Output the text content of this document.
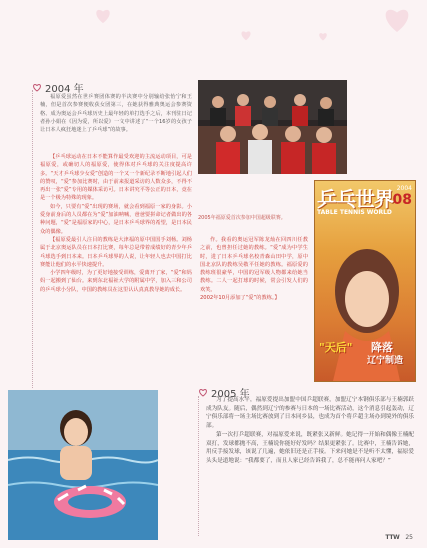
2004 年

福原爱虽然在世乒赛团体赛的半决赛中分别输给张怡宁和王楠，但是首次参赛便收获女团第三，在她获得雅典奥运会参赛资格、成为奥运会乒乓球历史上最年轻的单打选手之后，本刊驻日记者孙小娟在《因为爱，所以爱》一文中讲述了“一个16岁的女孩子让日本人疯狂地迷上了乒乓球”的故事。

【乒乓球运动在日本不能算作最受欢迎的主流运动项目，可是福原爱，或确切人的福原爱，使得体对乒乓球的关注度提高许多。“天才乒乓球少女爱”创造的一个又一个新纪录不断地引起人们的赞叹，“爱”参加比赛时，由于前来报道采访的人数众多，不得不再出一张“爱”专用的媒体采访可。日本讲究平等公正的日本，竟在是一个极为特殊的现象。

如今，只要有“爱”出现的赛场，就会看到福原一家的身影。小爱身前身后的人员都在为“爱”加油呐喊，爸爸要拼命记者做出的各种问题，“爱”是福原家的中心，是日本乒乓球界的希望，是日本民众的偶像。

【福原爱最引人注目的教练是大津福的原中国国手刘杨。刘杨属于北京奥运队员在日本打比赛，每年总是带着成绩好的青少年乒乓球选手到日本来。日本乒乓球界的人说，让年轻人也去中国打比赛能让他们的水平快速提升。

小学四年级时，为了更好地接受训练，爱离开了家，“爱”和妈妈一起搬到了仙台。来到东北福祉大学的附属中学，加入三和公司的乒乓球小分队，中国的教练员在这里认认真真教导她的成长。

2005年福原爱首次参加中国超级联赛。
乒乓世界
TABLE TENNIS WORLD
2004
08
"天后" 降落
辽宁制造

作。我看的奥运冠军陈龙灿在回四川任教之前，也曾担任过她的教练。“爱”成为中学生时，进了日本乒乓球名校青森山田中学，原中国北京队的教练吴敬平任她的教练。福原爱的教练班很豪华，中国的冠军级人物都来给她当教练。二人一起打球的时候，常会引发人们的欢笑。

2002年10月添加了“爱”的教练。】

2005 年

为了提高水平，福原爱提出加盟中国乒超联赛，加盟辽宁本钢俱乐部与王楠郭跃成为队友。随后，偶然到辽宁的参赛与日本的一场比赛活动，这个消息引起轰动，辽宁俱乐部将一场主场比赛放到了日本同乡县，也成为首个将乒超主场办到境外的俱乐部。

第一次打乒超联赛，对福原爱来说，既紧张又新鲜。她记得一开始和偶像王楠配双打，发球都抛不高，王楠说你能好好发吗？结果更紧张了。比赛中，王楠告诉她，用反手接发球，该说了几遍，她依旧还是正手接。下来问她是不是听不太懂，福原爱头头是道地说：“我都要了，而且人家已经告诉我了，总不能再问人家吧？”

TTW 25
